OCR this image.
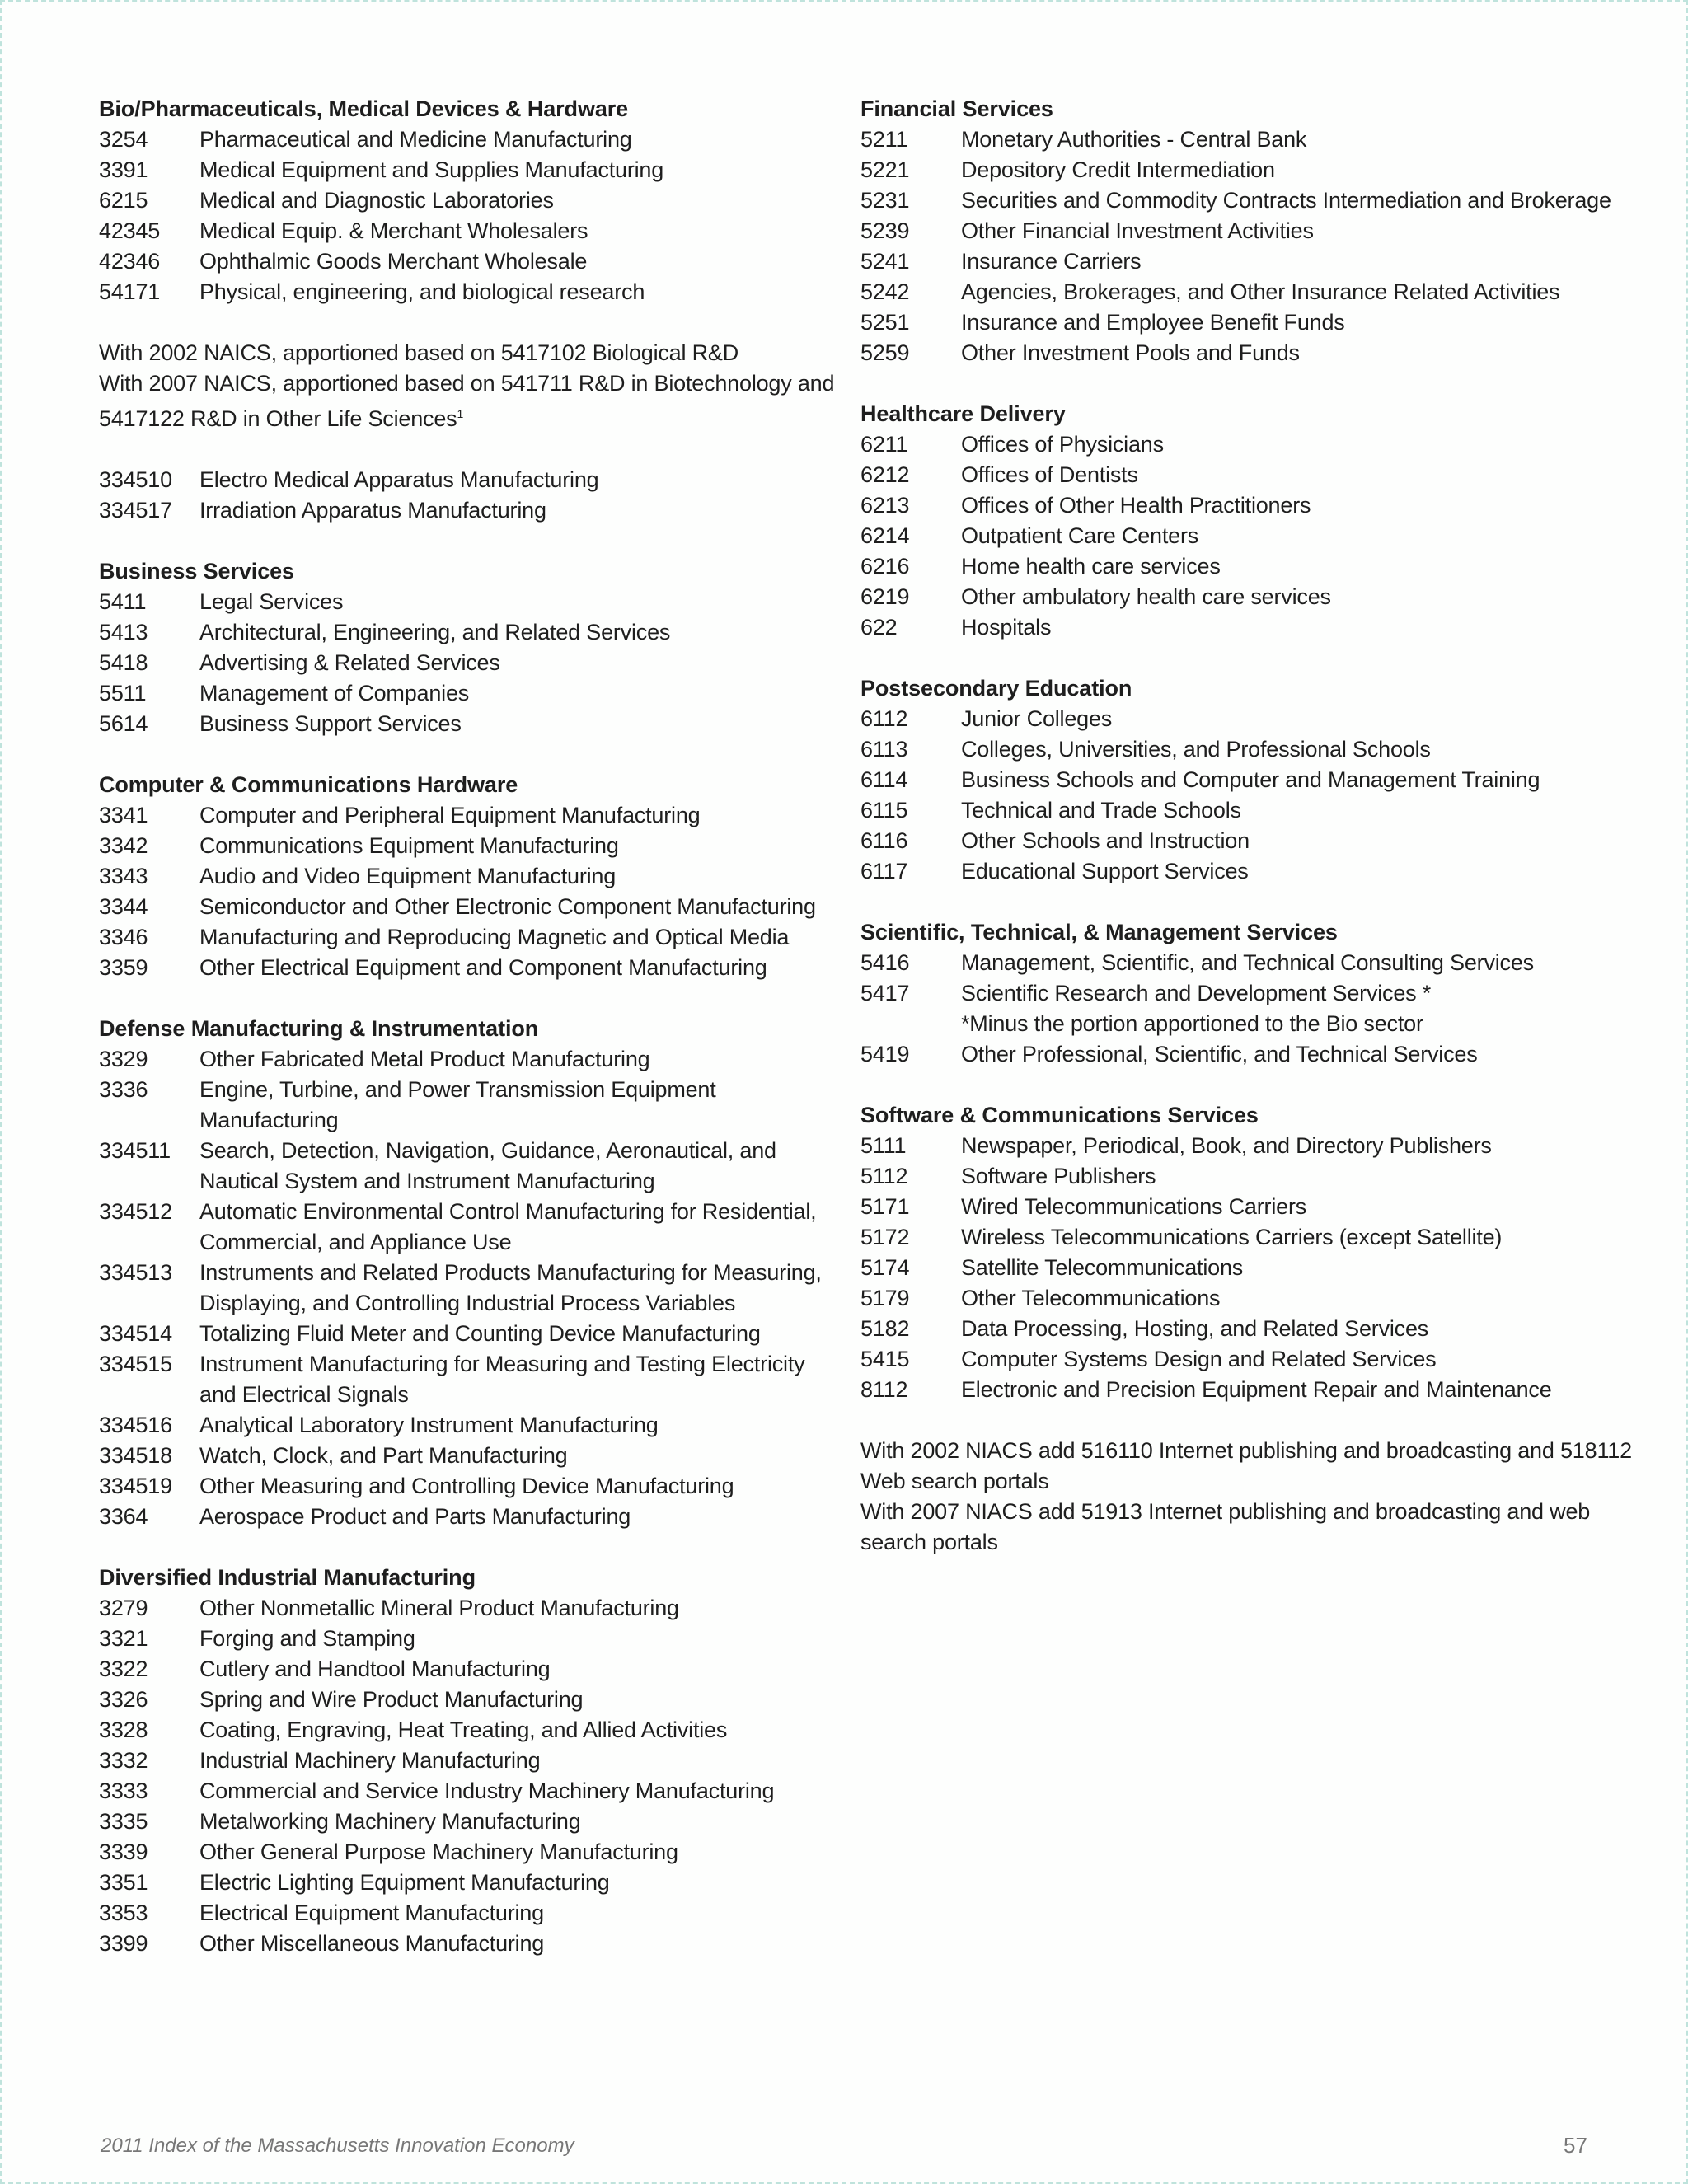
Bio/Pharmaceuticals, Medical Devices & Hardware
3254	Pharmaceutical and Medicine Manufacturing
3391	Medical Equipment and Supplies Manufacturing
6215	Medical and Diagnostic Laboratories
42345	Medical Equip. & Merchant Wholesalers
42346	Ophthalmic Goods Merchant Wholesale
54171	Physical, engineering, and biological research
With 2002 NAICS, apportioned based on 5417102 Biological R&D
With 2007 NAICS, apportioned based on 541711 R&D in Biotechnology and 5417122 R&D in Other Life Sciences$^1$
334510	Electro Medical Apparatus Manufacturing
334517	Irradiation Apparatus Manufacturing
Business Services
5411	Legal Services
5413	Architectural, Engineering, and Related Services
5418	Advertising & Related Services
5511	Management of Companies
5614	Business Support Services
Computer & Communications Hardware
3341	Computer and Peripheral Equipment Manufacturing
3342	Communications Equipment Manufacturing
3343	Audio and Video Equipment Manufacturing
3344	Semiconductor and Other Electronic Component Manufacturing
3346	Manufacturing and Reproducing Magnetic and Optical Media
3359	Other Electrical Equipment and Component Manufacturing
Defense Manufacturing & Instrumentation
3329	Other Fabricated Metal Product Manufacturing
3336	Engine, Turbine, and Power Transmission Equipment Manufacturing
334511	Search, Detection, Navigation, Guidance, Aeronautical, and Nautical System and Instrument Manufacturing
334512	Automatic Environmental Control Manufacturing for Residential, Commercial, and Appliance Use
334513	Instruments and Related Products Manufacturing for Measuring, Displaying, and Controlling Industrial Process Variables
334514	Totalizing Fluid Meter and Counting Device Manufacturing
334515	Instrument Manufacturing for Measuring and Testing Electricity and Electrical Signals
334516	Analytical Laboratory Instrument Manufacturing
334518	Watch, Clock, and Part Manufacturing
334519	Other Measuring and Controlling Device Manufacturing
3364	Aerospace Product and Parts Manufacturing
Diversified Industrial Manufacturing
3279	Other Nonmetallic Mineral Product Manufacturing
3321	Forging and Stamping
3322	Cutlery and Handtool Manufacturing
3326	Spring and Wire Product Manufacturing
3328	Coating, Engraving, Heat Treating, and Allied Activities
3332	Industrial Machinery Manufacturing
3333	Commercial and Service Industry Machinery Manufacturing
3335	Metalworking Machinery Manufacturing
3339	Other General Purpose Machinery Manufacturing
3351	Electric Lighting Equipment Manufacturing
3353	Electrical Equipment Manufacturing
3399	Other Miscellaneous Manufacturing
Financial Services
5211	Monetary Authorities - Central Bank
5221	Depository Credit Intermediation
5231	Securities and Commodity Contracts Intermediation and Brokerage
5239	Other Financial Investment Activities
5241	Insurance Carriers
5242	Agencies, Brokerages, and Other Insurance Related Activities
5251	Insurance and Employee Benefit Funds
5259	Other Investment Pools and Funds
Healthcare Delivery
6211	Offices of Physicians
6212	Offices of Dentists
6213	Offices of Other Health Practitioners
6214	Outpatient Care Centers
6216	Home health care services
6219	Other ambulatory health care services
622	Hospitals
Postsecondary Education
6112	Junior Colleges
6113	Colleges, Universities, and Professional Schools
6114	Business Schools and Computer and Management Training
6115	Technical and Trade Schools
6116	Other Schools and Instruction
6117	Educational Support Services
Scientific, Technical, & Management Services
5416	Management, Scientific, and Technical Consulting Services
5417	Scientific Research and Development Services *
*Minus the portion apportioned to the Bio sector
5419	Other Professional, Scientific, and Technical Services
Software & Communications Services
5111	Newspaper, Periodical, Book, and Directory Publishers
5112	Software Publishers
5171	Wired Telecommunications Carriers
5172	Wireless Telecommunications Carriers (except Satellite)
5174	Satellite Telecommunications
5179	Other Telecommunications
5182	Data Processing, Hosting, and Related Services
5415	Computer Systems Design and Related Services
8112	Electronic and Precision Equipment Repair and Maintenance
With 2002 NIACS add 516110 Internet publishing and broadcasting and 518112 Web search portals
With 2007 NIACS add 51913 Internet publishing and broadcasting and web search portals
2011 Index of the Massachusetts Innovation Economy	57
